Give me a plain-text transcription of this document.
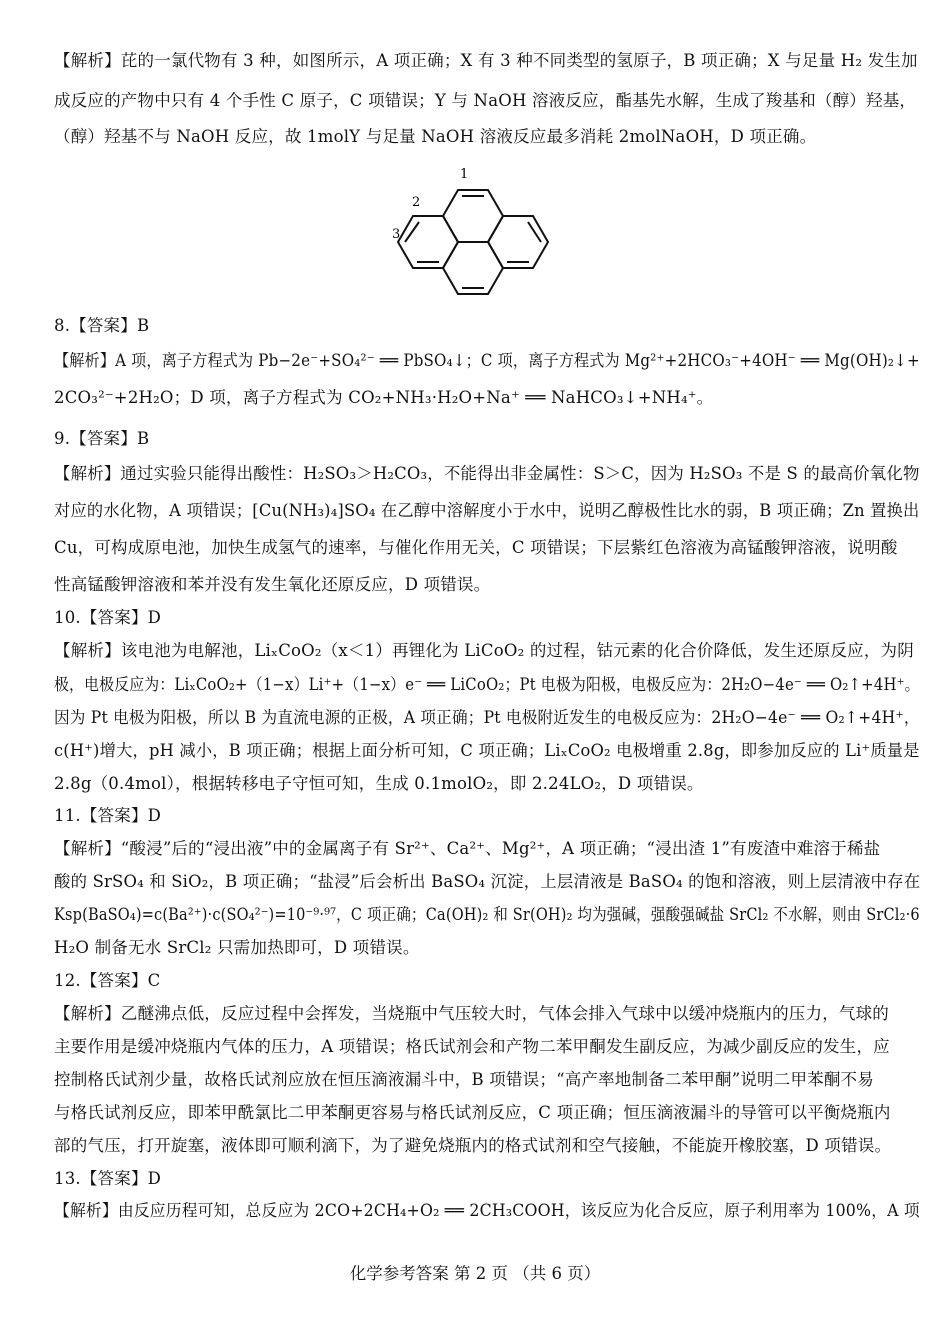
【解析】芘的一氯代物有 3 种，如图所示，A 项正确；X 有 3 种不同类型的氢原子，B 项正确；X 与足量 H₂ 发生加
成反应的产物中只有 4 个手性 C 原子，C 项错误；Y 与 NaOH 溶液反应，酯基先水解，生成了羧基和（醇）羟基，
（醇）羟基不与 NaOH 反应，故 1molY 与足量 NaOH 溶液反应最多消耗 2molNaOH，D 项正确。
1
2
3
8.【答案】B
【解析】A 项，离子方程式为 Pb−2e⁻+SO₄²⁻ ══ PbSO₄↓；C 项，离子方程式为 Mg²⁺+2HCO₃⁻+4OH⁻ ══ Mg(OH)₂↓+
2CO₃²⁻+2H₂O；D 项，离子方程式为 CO₂+NH₃·H₂O+Na⁺ ══ NaHCO₃↓+NH₄⁺。
9.【答案】B
【解析】通过实验只能得出酸性：H₂SO₃＞H₂CO₃，不能得出非金属性：S＞C，因为 H₂SO₃ 不是 S 的最高价氧化物
对应的水化物，A 项错误；[Cu(NH₃)₄]SO₄ 在乙醇中溶解度小于水中，说明乙醇极性比水的弱，B 项正确；Zn 置换出
Cu，可构成原电池，加快生成氢气的速率，与催化作用无关，C 项错误；下层紫红色溶液为高锰酸钾溶液，说明酸
性高锰酸钾溶液和苯并没有发生氧化还原反应，D 项错误。
10.【答案】D
【解析】该电池为电解池，LiₓCoO₂（x＜1）再锂化为 LiCoO₂ 的过程，钴元素的化合价降低，发生还原反应，为阴
极，电极反应为：LiₓCoO₂+（1−x）Li⁺+（1−x）e⁻ ══ LiCoO₂；Pt 电极为阳极，电极反应为：2H₂O−4e⁻ ══ O₂↑+4H⁺。
因为 Pt 电极为阳极，所以 B 为直流电源的正极，A 项正确；Pt 电极附近发生的电极反应为：2H₂O−4e⁻ ══ O₂↑+4H⁺，
c(H⁺)增大，pH 减小，B 项正确；根据上面分析可知，C 项正确；LiₓCoO₂ 电极增重 2.8g，即参加反应的 Li⁺质量是
2.8g（0.4mol），根据转移电子守恒可知，生成 0.1molO₂，即 2.24LO₂，D 项错误。
11.【答案】D
【解析】“酸浸”后的“浸出液”中的金属离子有 Sr²⁺、Ca²⁺、Mg²⁺，A 项正确；“浸出渣 1”有废渣中难溶于稀盐
酸的 SrSO₄ 和 SiO₂，B 项正确；“盐浸”后会析出 BaSO₄ 沉淀，上层清液是 BaSO₄ 的饱和溶液，则上层清液中存在
Ksp(BaSO₄)=c(Ba²⁺)·c(SO₄²⁻)=10⁻⁹·⁹⁷，C 项正确；Ca(OH)₂ 和 Sr(OH)₂ 均为强碱，强酸强碱盐 SrCl₂ 不水解，则由 SrCl₂·6
H₂O 制备无水 SrCl₂ 只需加热即可，D 项错误。
12.【答案】C
【解析】乙醚沸点低，反应过程中会挥发，当烧瓶中气压较大时，气体会排入气球中以缓冲烧瓶内的压力，气球的
主要作用是缓冲烧瓶内气体的压力，A 项错误；格氏试剂会和产物二苯甲酮发生副反应，为减少副反应的发生，应
控制格氏试剂少量，故格氏试剂应放在恒压滴液漏斗中，B 项错误；“高产率地制备二苯甲酮”说明二甲苯酮不易
与格氏试剂反应，即苯甲酰氯比二甲苯酮更容易与格氏试剂反应，C 项正确；恒压滴液漏斗的导管可以平衡烧瓶内
部的气压，打开旋塞，液体即可顺利滴下，为了避免烧瓶内的格式试剂和空气接触，不能旋开橡胶塞，D 项错误。
13.【答案】D
【解析】由反应历程可知，总反应为 2CO+2CH₄+O₂ ══ 2CH₃COOH，该反应为化合反应，原子利用率为 100%，A 项
化学参考答案 第 2 页 （共 6 页）
